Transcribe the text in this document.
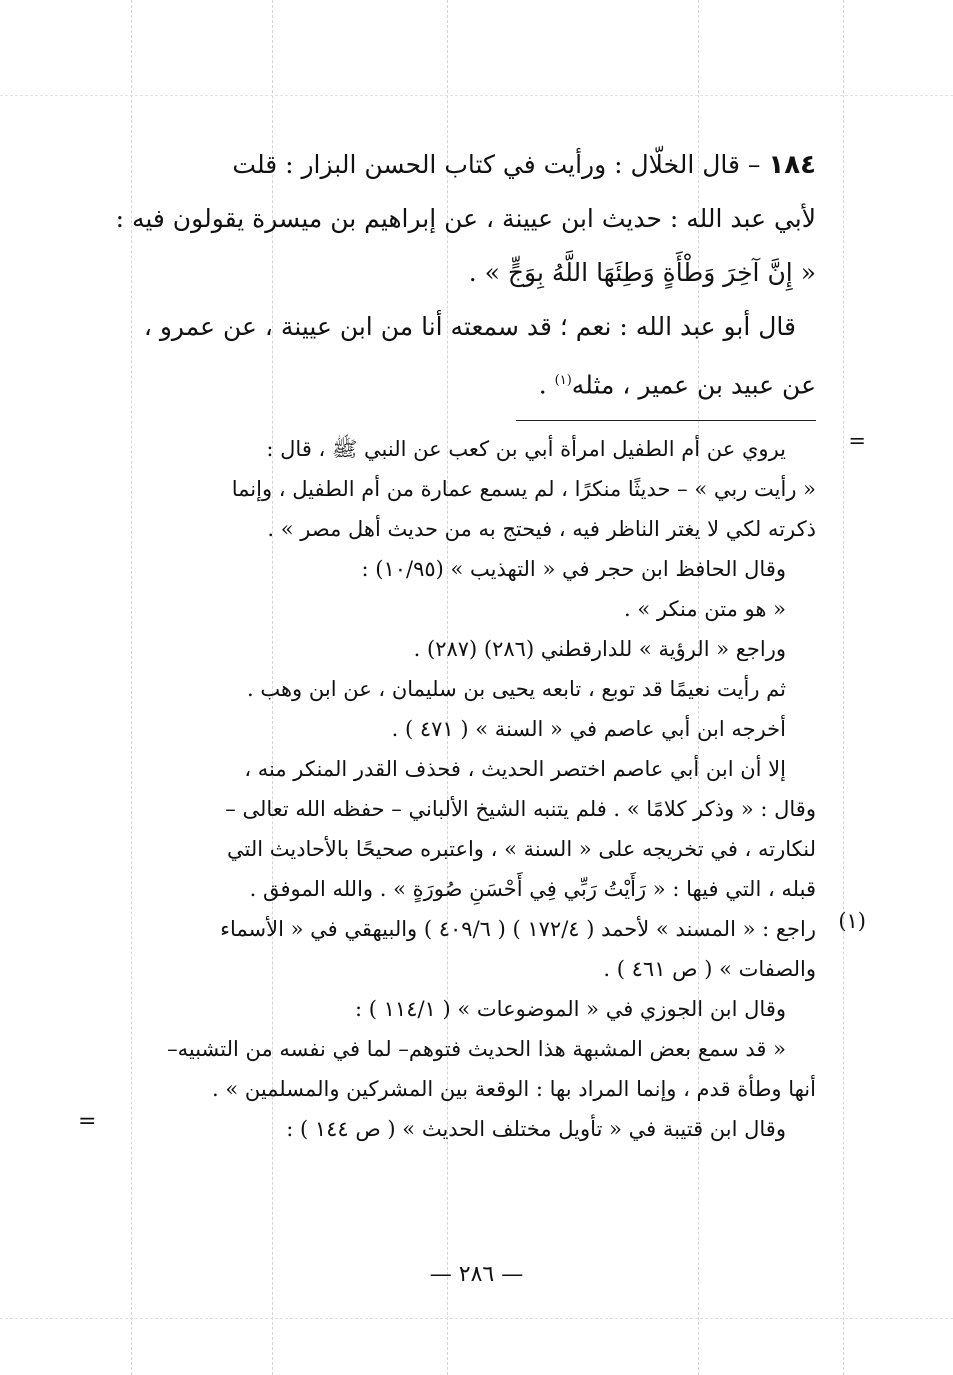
١٨٤ – قال الخلّال : ورأيت في كتاب الحسن البزار : قلت

لأبي عبد الله : حديث ابن عيينة ، عن إبراهيم بن ميسرة يقولون فيه :

« إِنَّ آخِرَ وَطْأَةٍ وَطِئَهَا اللَّهُ بِوَجٍّ » .

قال أبو عبد الله : نعم ؛ قد سمعته أنا من ابن عيينة ، عن عمرو ،

عن عبيد بن عمير ، مثله$^{(١)}$ .

=

يروي عن أم الطفيل امرأة أبي بن كعب عن النبي ﷺ ، قال :

« رأيت ربي » – حديثًا منكرًا ، لم يسمع عمارة من أم الطفيل ، وإنما

ذكرته لكي لا يغتر الناظر فيه ، فيحتج به من حديث أهل مصر » .

وقال الحافظ ابن حجر في « التهذيب » (١٠/٩٥) :

« هو متن منكر » .

وراجع « الرؤية » للدارقطني (٢٨٦) (٢٨٧) .

ثم رأيت نعيمًا قد توبع ، تابعه يحيى بن سليمان ، عن ابن وهب .

أخرجه ابن أبي عاصم في « السنة » ( ٤٧١ ) .

إلا أن ابن أبي عاصم اختصر الحديث ، فحذف القدر المنكر منه ،

وقال : « وذكر كلامًا » . فلم يتنبه الشيخ الألباني – حفظه الله تعالى –

لنكارته ، في تخريجه على « السنة » ، واعتبره صحيحًا بالأحاديث التي

قبله ، التي فيها : « رَأَيْتُ رَبِّي فِي أَحْسَنِ صُورَةٍ » . والله الموفق .

(١)

راجع : « المسند » لأحمد ( ١٧٢/٤ ) ( ٤٠٩/٦ ) والبيهقي في « الأسماء

والصفات » ( ص ٤٦١ ) .

وقال ابن الجوزي في « الموضوعات » ( ١١٤/١ ) :

« قد سمع بعض المشبهة هذا الحديث فتوهم– لما في نفسه من التشبيه–

أنها وطأة قدم ، وإنما المراد بها : الوقعة بين المشركين والمسلمين » .

وقال ابن قتيبة في « تأويل مختلف الحديث » ( ص ١٤٤ ) :

=
— ٢٨٦ —
